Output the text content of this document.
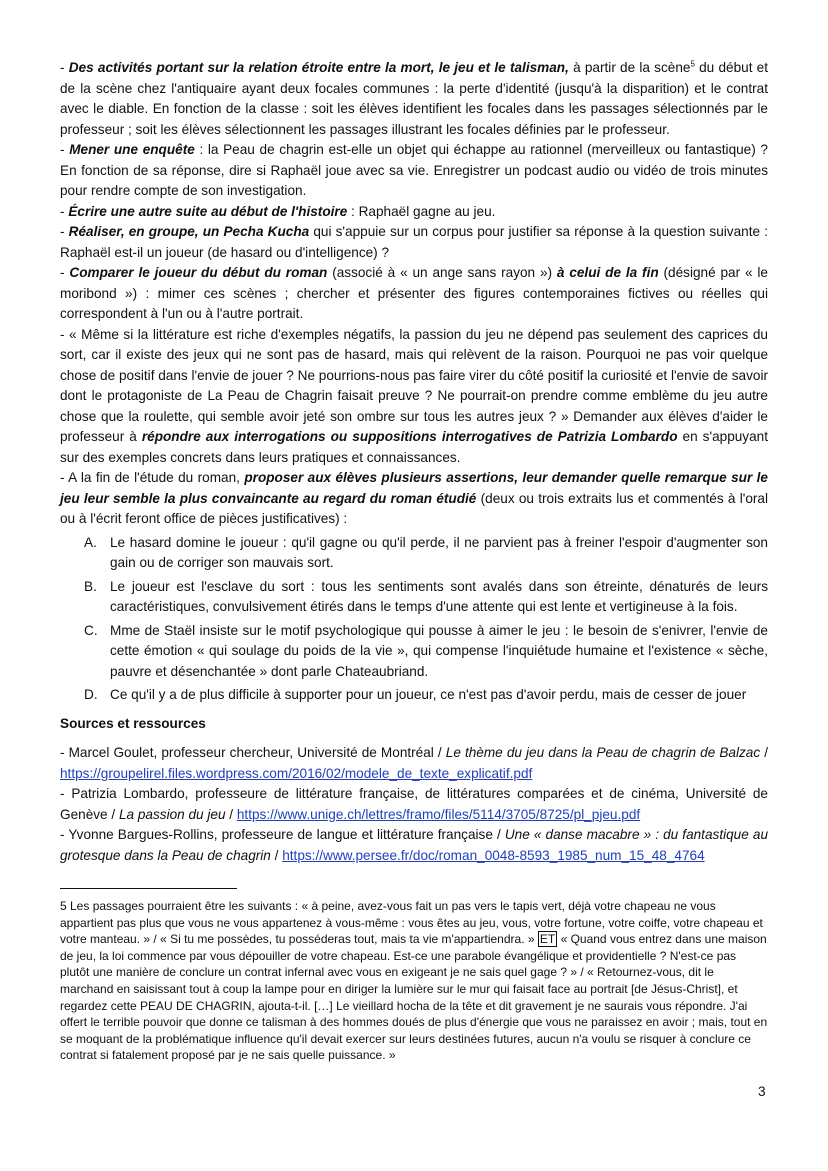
- Des activités portant sur la relation étroite entre la mort, le jeu et le talisman, à partir de la scène$^5$ du début et de la scène chez l'antiquaire ayant deux focales communes : la perte d'identité (jusqu'à la disparition) et le contrat avec le diable. En fonction de la classe : soit les élèves identifient les focales dans les passages sélectionnés par le professeur ; soit les élèves sélectionnent les passages illustrant les focales définies par le professeur.

- Mener une enquête : la Peau de chagrin est-elle un objet qui échappe au rationnel (merveilleux ou fantastique) ? En fonction de sa réponse, dire si Raphaël joue avec sa vie. Enregistrer un podcast audio ou vidéo de trois minutes pour rendre compte de son investigation.

- Écrire une autre suite au début de l'histoire : Raphaël gagne au jeu.

- Réaliser, en groupe, un Pecha Kucha qui s'appuie sur un corpus pour justifier sa réponse à la question suivante : Raphaël est-il un joueur (de hasard ou d'intelligence) ?

- Comparer le joueur du début du roman (associé à « un ange sans rayon ») à celui de la fin (désigné par « le moribond ») : mimer ces scènes ; chercher et présenter des figures contemporaines fictives ou réelles qui correspondent à l'un ou à l'autre portrait.

- « Même si la littérature est riche d'exemples négatifs, la passion du jeu ne dépend pas seulement des caprices du sort, car il existe des jeux qui ne sont pas de hasard, mais qui relèvent de la raison. Pourquoi ne pas voir quelque chose de positif dans l'envie de jouer ? Ne pourrions-nous pas faire virer du côté positif la curiosité et l'envie de savoir dont le protagoniste de La Peau de Chagrin faisait preuve ? Ne pourrait-on prendre comme emblème du jeu autre chose que la roulette, qui semble avoir jeté son ombre sur tous les autres jeux ? » Demander aux élèves d'aider le professeur à répondre aux interrogations ou suppositions interrogatives de Patrizia Lombardo en s'appuyant sur des exemples concrets dans leurs pratiques et connaissances.

- A la fin de l'étude du roman, proposer aux élèves plusieurs assertions, leur demander quelle remarque sur le jeu leur semble la plus convaincante au regard du roman étudié (deux ou trois extraits lus et commentés à l'oral ou à l'écrit feront office de pièces justificatives) :

A. Le hasard domine le joueur : qu'il gagne ou qu'il perde, il ne parvient pas à freiner l'espoir d'augmenter son gain ou de corriger son mauvais sort.
B. Le joueur est l'esclave du sort : tous les sentiments sont avalés dans son étreinte, dénaturés de leurs caractéristiques, convulsivement étirés dans le temps d'une attente qui est lente et vertigineuse à la fois.
C. Mme de Staël insiste sur le motif psychologique qui pousse à aimer le jeu : le besoin de s'enivrer, l'envie de cette émotion « qui soulage du poids de la vie », qui compense l'inquiétude humaine et l'existence « sèche, pauvre et désenchantée » dont parle Chateaubriand.
D. Ce qu'il y a de plus difficile à supporter pour un joueur, ce n'est pas d'avoir perdu, mais de cesser de jouer
Sources et ressources

- Marcel Goulet, professeur chercheur, Université de Montréal / Le thème du jeu dans la Peau de chagrin de Balzac / https://groupelirel.files.wordpress.com/2016/02/modele_de_texte_explicatif.pdf

- Patrizia Lombardo, professeure de littérature française, de littératures comparées et de cinéma, Université de Genève / La passion du jeu / https://www.unige.ch/lettres/framo/files/5114/3705/8725/pl_pjeu.pdf

- Yvonne Bargues-Rollins, professeure de langue et littérature française / Une « danse macabre » : du fantastique au grotesque dans la Peau de chagrin / https://www.persee.fr/doc/roman_0048-8593_1985_num_15_48_4764

5 Les passages pourraient être les suivants : « à peine, avez-vous fait un pas vers le tapis vert, déjà votre chapeau ne vous appartient pas plus que vous ne vous appartenez à vous-même : vous êtes au jeu, vous, votre fortune, votre coiffe, votre chapeau et votre manteau. » / « Si tu me possèdes, tu posséderas tout, mais ta vie m'appartiendra. » ET « Quand vous entrez dans une maison de jeu, la loi commence par vous dépouiller de votre chapeau. Est-ce une parabole évangélique et providentielle ? N'est-ce pas plutôt une manière de conclure un contrat infernal avec vous en exigeant je ne sais quel gage ? » / « Retournez-vous, dit le marchand en saisissant tout à coup la lampe pour en diriger la lumière sur le mur qui faisait face au portrait [de Jésus-Christ], et regardez cette PEAU DE CHAGRIN, ajouta-t-il. […] Le vieillard hocha de la tête et dit gravement je ne saurais vous répondre. J'ai offert le terrible pouvoir que donne ce talisman à des hommes doués de plus d'énergie que vous ne paraissez en avoir ; mais, tout en se moquant de la problématique influence qu'il devait exercer sur leurs destinées futures, aucun n'a voulu se risquer à conclure ce contrat si fatalement proposé par je ne sais quelle puissance. »
3
